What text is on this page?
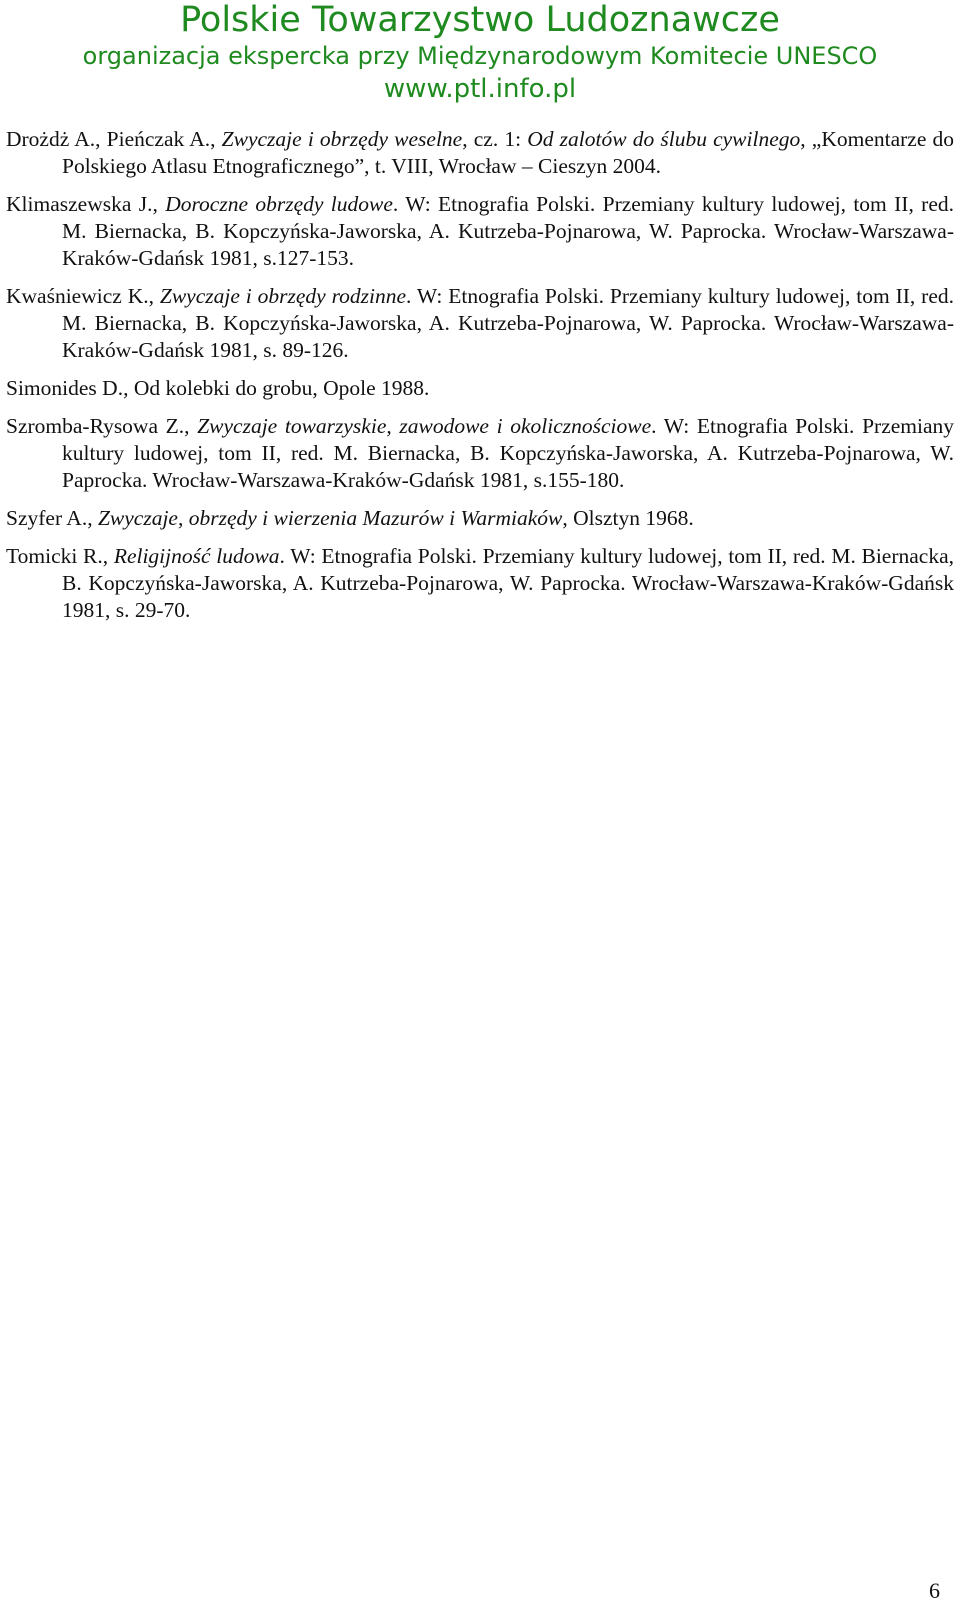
Polskie Towarzystwo Ludoznawcze
organizacja ekspercka przy Międzynarodowym Komitecie UNESCO
www.ptl.info.pl

Drożdż A., Pieńczak A., Zwyczaje i obrzędy weselne, cz. 1: Od zalotów do ślubu cywilnego, „Komentarze do Polskiego Atlasu Etnograficznego”, t. VIII, Wrocław – Cieszyn 2004.

Klimaszewska J., Doroczne obrzędy ludowe. W: Etnografia Polski. Przemiany kultury ludowej, tom II, red. M. Biernacka, B. Kopczyńska-Jaworska, A. Kutrzeba-Pojnarowa, W. Paprocka. Wrocław-Warszawa-Kraków-Gdańsk 1981, s.127-153.

Kwaśniewicz K., Zwyczaje i obrzędy rodzinne. W: Etnografia Polski. Przemiany kultury ludowej, tom II, red. M. Biernacka, B. Kopczyńska-Jaworska, A. Kutrzeba-Pojnarowa, W. Paprocka. Wrocław-Warszawa-Kraków-Gdańsk 1981, s. 89-126.

Simonides D., Od kolebki do grobu, Opole 1988.

Szromba-Rysowa Z., Zwyczaje towarzyskie, zawodowe i okolicznościowe. W: Etnografia Polski. Przemiany kultury ludowej, tom II, red. M. Biernacka, B. Kopczyńska-Jaworska, A. Kutrzeba-Pojnarowa, W. Paprocka. Wrocław-Warszawa-Kraków-Gdańsk 1981, s.155-180.

Szyfer A., Zwyczaje, obrzędy i wierzenia Mazurów i Warmiaków, Olsztyn 1968.

Tomicki R., Religijność ludowa. W: Etnografia Polski. Przemiany kultury ludowej, tom II, red. M. Biernacka, B. Kopczyńska-Jaworska, A. Kutrzeba-Pojnarowa, W. Paprocka. Wrocław-Warszawa-Kraków-Gdańsk 1981, s. 29-70.

6
